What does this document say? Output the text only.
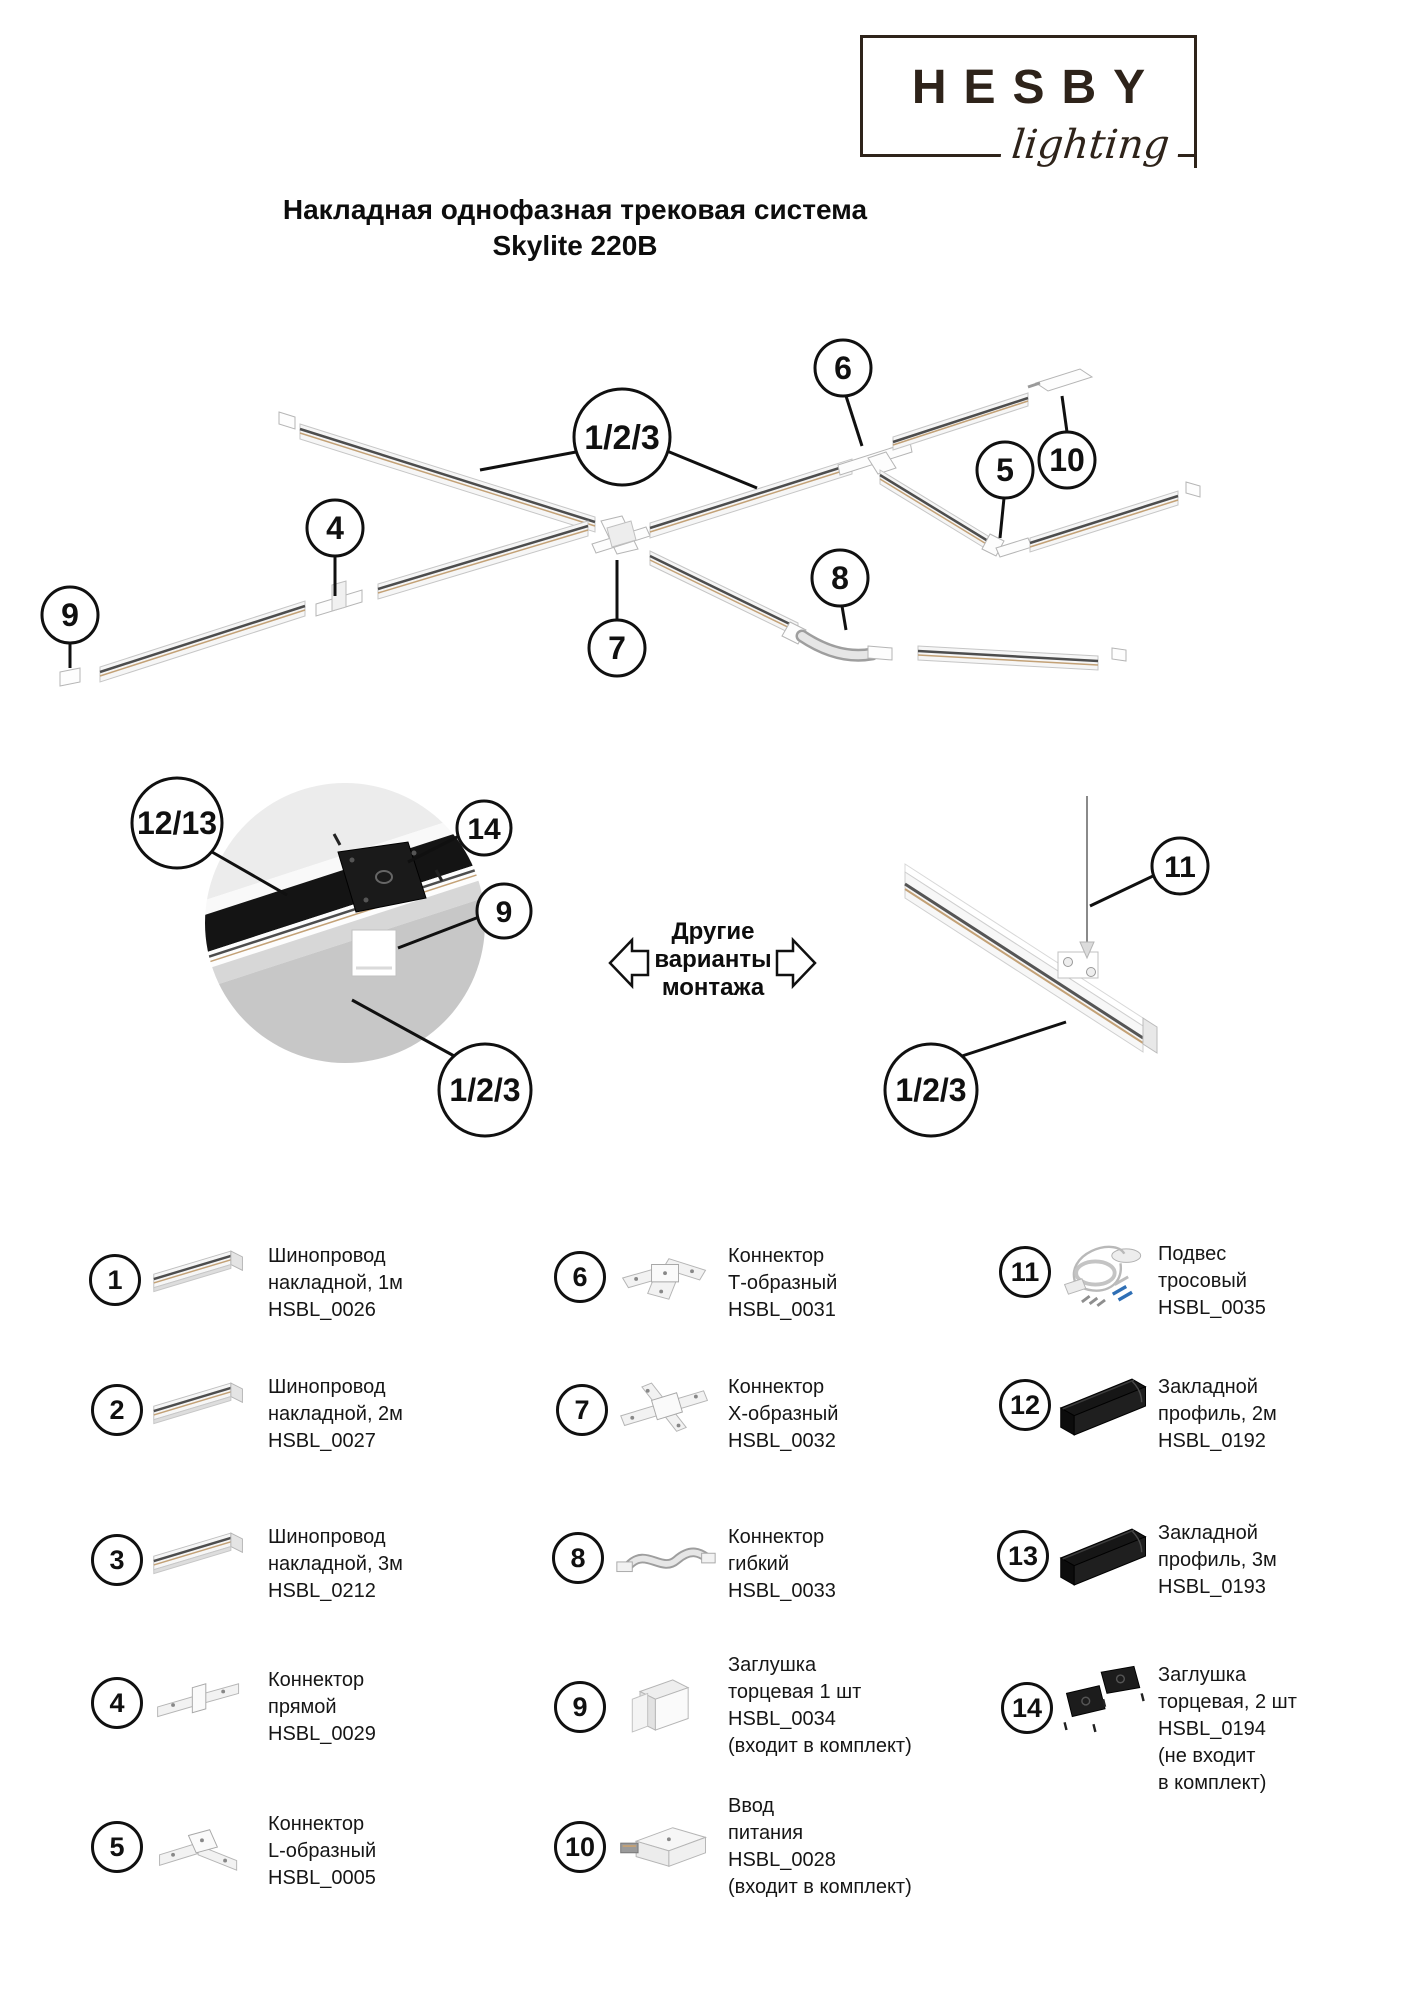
1/2/3
4
9
7
6
5 10
8
12/13	14
9
1/2/3
11
1/2/3
HESBY
lighting
Накладная однофазная трековая система
Skylite 220В
Другие
варианты
монтажа
1
Шинопровод
накладной, 1м
HSBL_0026
2
Шинопровод
накладной, 2м
HSBL_0027
3
Шинопровод
накладной, 3м
HSBL_0212
4
Коннектор
прямой
HSBL_0029
5
Коннектор
L-образный
HSBL_0005
6
Коннектор
Т-образный
HSBL_0031
7
Коннектор
Х-образный
HSBL_0032
8
Коннектор
гибкий
HSBL_0033
9
Заглушка
торцевая 1 шт
HSBL_0034
(входит в комплект)
10
Ввод
питания
HSBL_0028
(входит в комплект)
11
Подвес
тросовый
HSBL_0035
12
Закладной
профиль, 2м
HSBL_0192
13
Закладной
профиль, 3м
HSBL_0193
14
Заглушка
торцевая, 2 шт
HSBL_0194
(не входит
в комплект)
